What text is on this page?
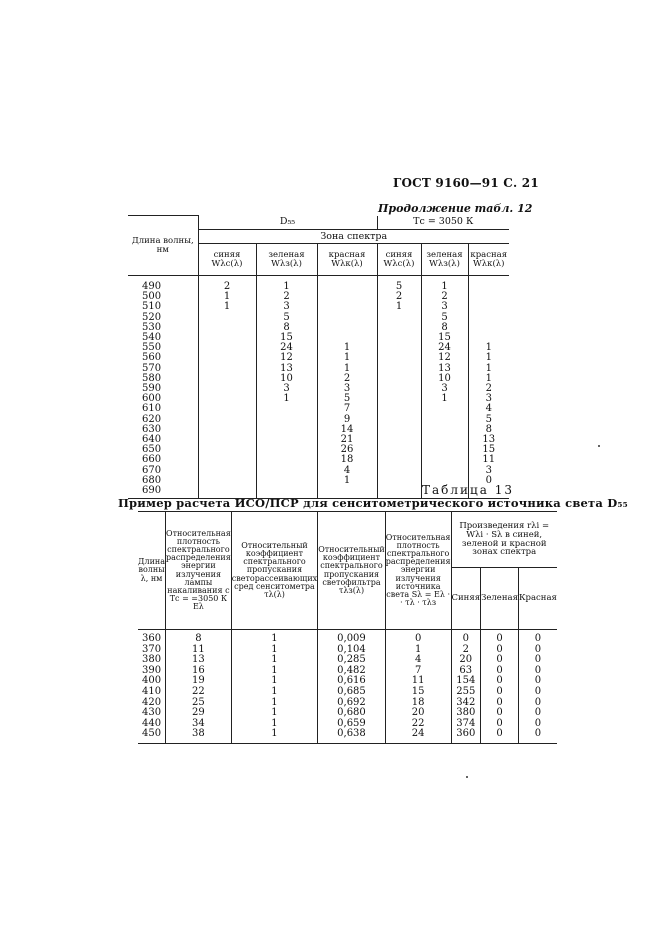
ГОСТ 9160—91 С. 21
Продолжение табл. 12
Длина волны, нм	D₅₅			Tс = 3050 К		
	Зона спектра					
	синяя Wλс(λ)	зеленая Wλз(λ)	красная Wλк(λ)	синяя Wλс(λ)	зеленая Wλз(λ)	красная Wλк(λ)
490	2	1		5	1	
500	1	2		2	2	
510	1	3		1	3	
520		5			5	
530		8			8	
540		15			15	
550		24	1		24	1
560		12	1		12	1
570		13	1		13	1
580		10	2		10	1
590		3	3		3	2
600		1	5		1	3
610			7			4
620			9			5
630			14			8
640			21			13
650			26			15
660			18			11
670			4			3
680			1			0
690							Таблица 13
Пример расчета ИСО/ПСР для сенситометрического источника света D₅₅
Длина волны λ, нм	Относительная плотность спектрального распределения энергии излучения лампы накаливания с Tс = =3050 К Eλ	Относительный коэффициент спектрального пропускания светорассеивающих сред сенситометра τλ(λ)	Относительный коэффициент спектрального пропускания светофильтра τλз(λ)	Относительная плотность спектрального распределения энергии излучения источника света Sλ = Eλ · · τλ · τλз	Произведения rλi = Wλi · Sλ в синей, зеленой и красной зонах спектра		
					Синяя	Зеленая	Красная
360	8	1	0,009	0	0	0	0
370	11	1	0,104	1	2	0	0
380	13	1	0,285	4	20	0	0
390	16	1	0,482	7	63	0	0
400	19	1	0,616	11	154	0	0
410	22	1	0,685	15	255	0	0
420	25	1	0,692	18	342	0	0
430	29	1	0,680	20	380	0	0
440	34	1	0,659	22	374	0	0
450	38	1	0,638	24	360	0	0
